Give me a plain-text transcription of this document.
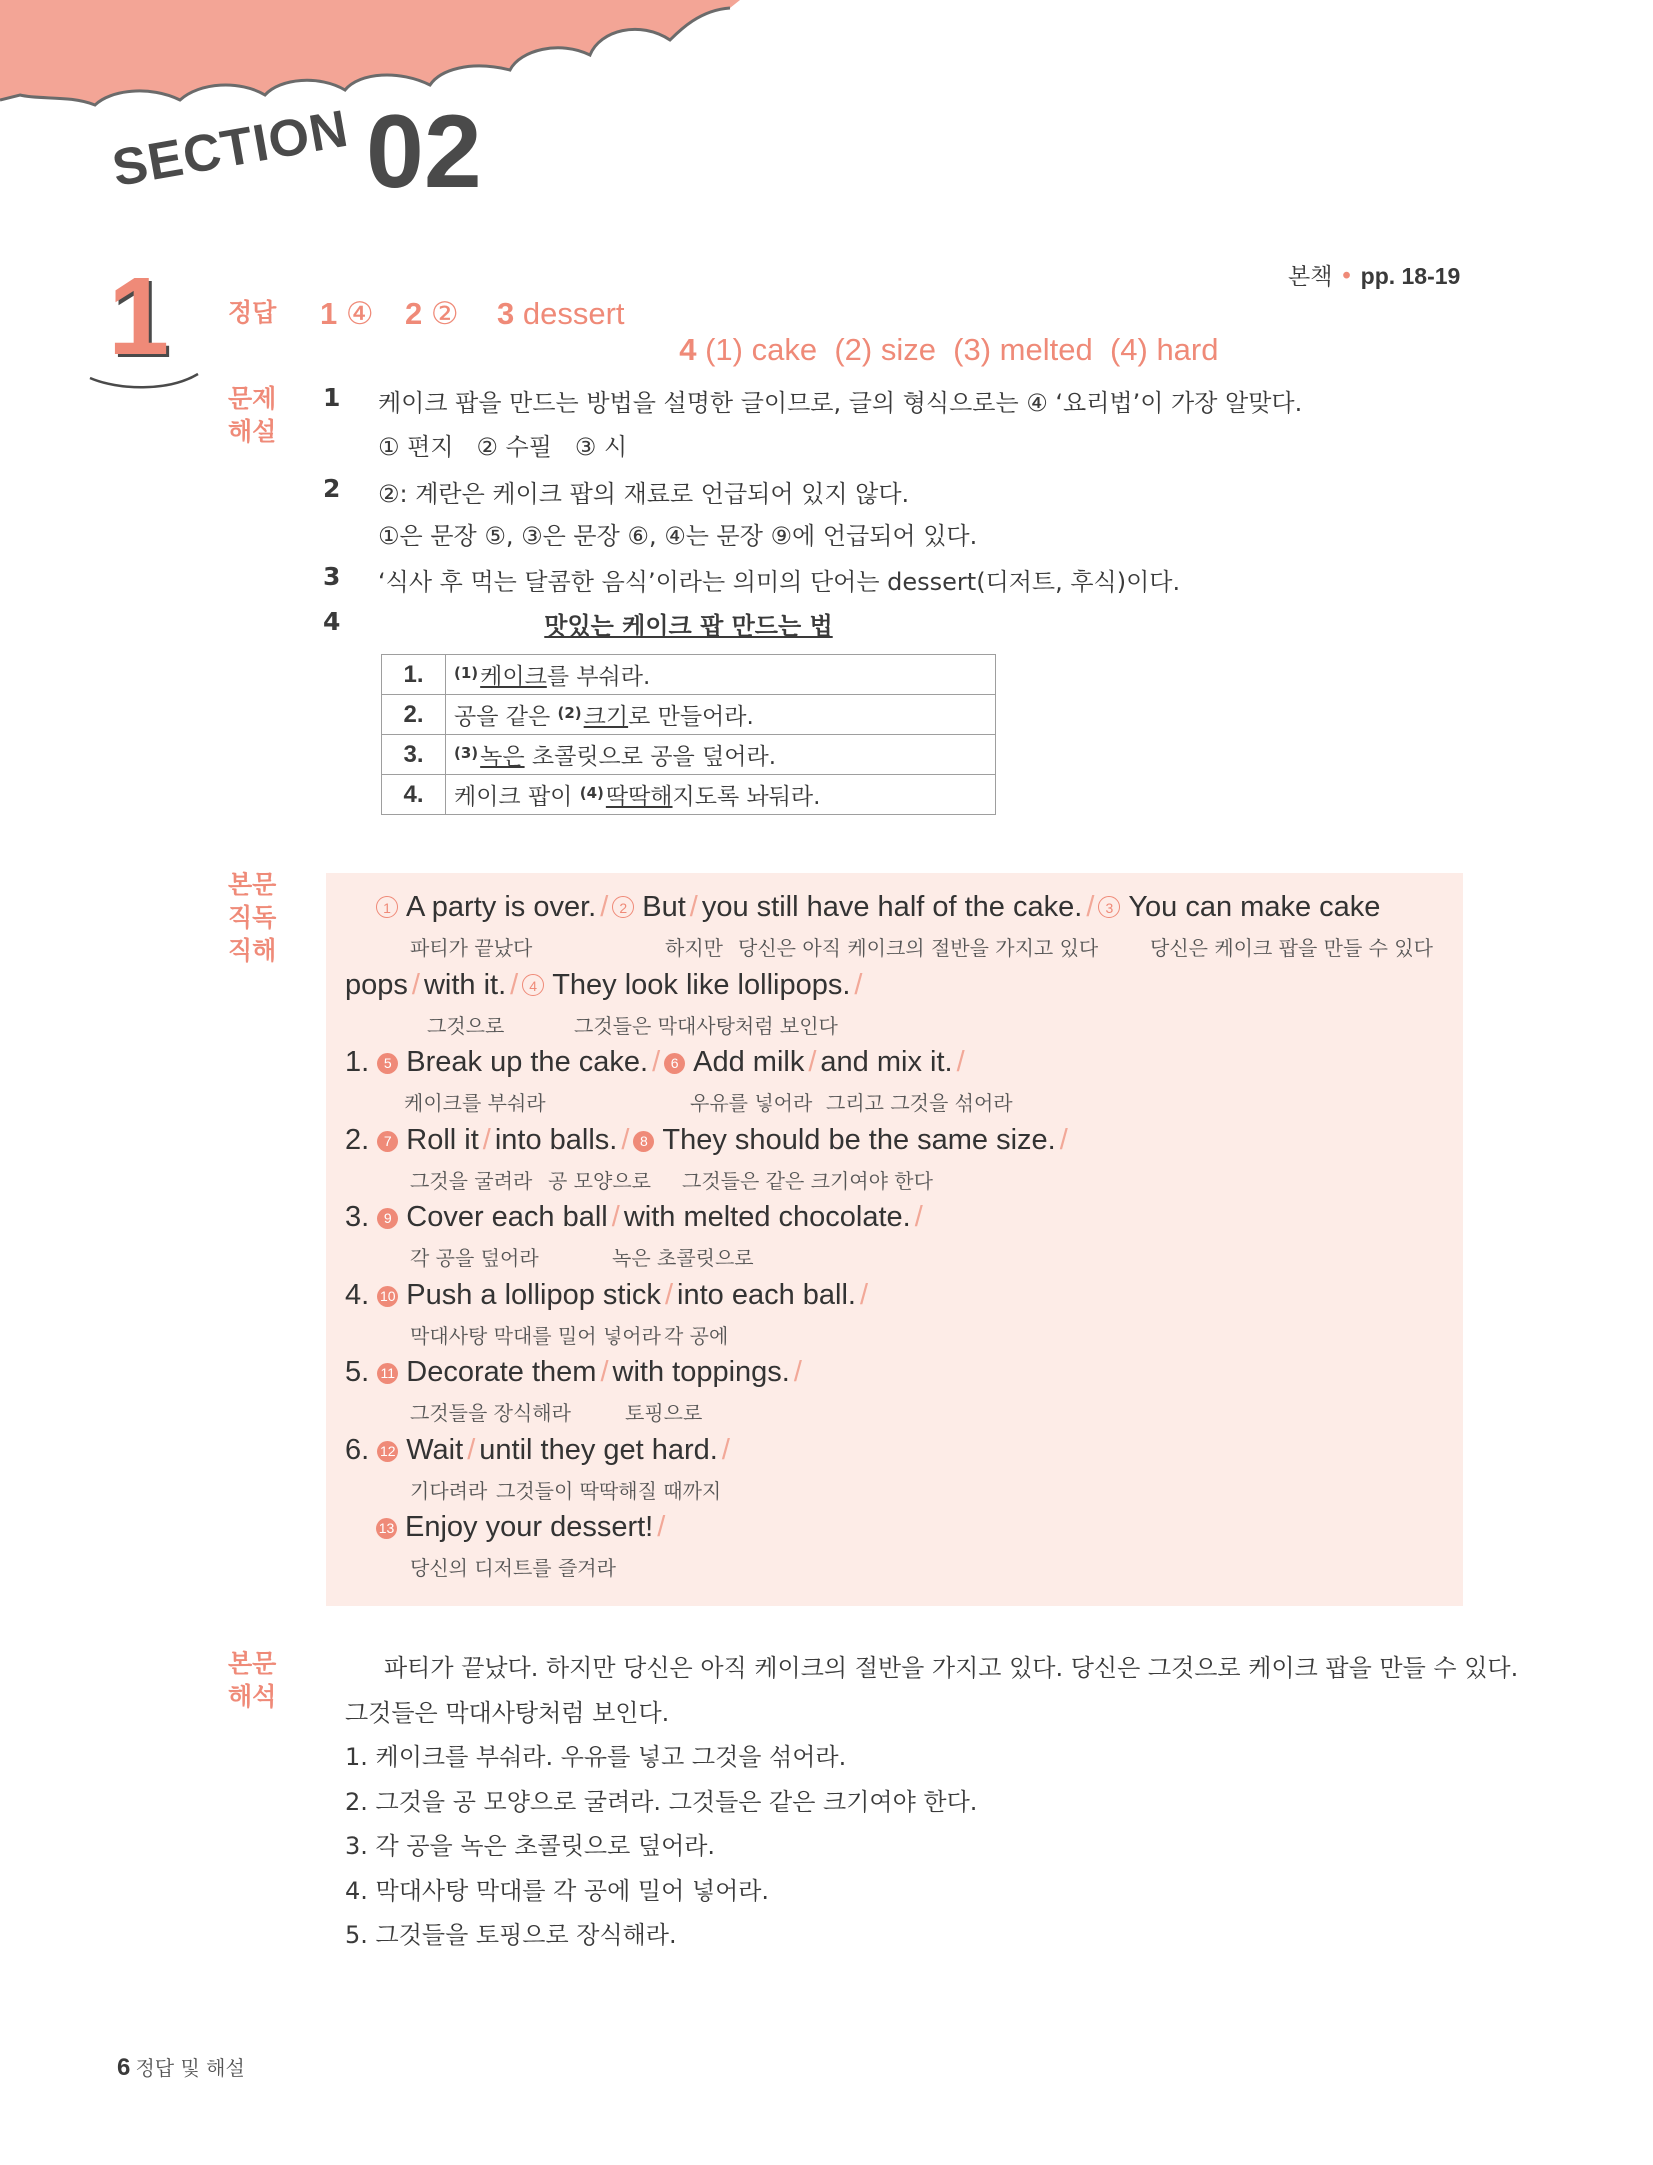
SECTION 02
본책 • pp. 18-19
1 정답 1 ④ 2 ② 3 dessert

4 (1) cake  (2) size  (3) melted  (4) hard

문제
해설
1 케이크 팝을 만드는 방법을 설명한 글이므로, 글의 형식으로는 ④ ‘요리법’이 가장 알맞다.
① 편지   ② 수필   ③ 시
2 ②: 계란은 케이크 팝의 재료로 언급되어 있지 않다.
①은 문장 ⑤, ③은 문장 ⑥, ④는 문장 ⑨에 언급되어 있다.
3 ‘식사 후 먹는 달콤한 음식’이라는 의미의 단어는 dessert(디저트, 후식)이다.
4	맛있는 케이크 팝 만드는 법
1.	$^{(1)}$케이크를 부숴라.
2.	공을 같은 $^{(2)}$크기로 만들어라.
3.	$^{(3)}$녹은 초콜릿으로 공을 덮어라.
4.	케이크 팝이 $^{(4)}$딱딱해지도록 놔둬라.
본문
직독
직해
1 A party is over. / 2 But / you still have half of the cake. / 3 You can make cake
파티가 끝났다	하지만 당신은 아직 케이크의 절반을 가지고 있다	당신은 케이크 팝을 만들 수 있다
pops / with it. / 4 They look like lollipops. /
그것으로	그것들은 막대사탕처럼 보인다
1. 5 Break up the cake. / 6 Add milk / and mix it. /
케이크를 부숴라	우유를 넣어라 그리고 그것을 섞어라
2. 7 Roll it / into balls. / 8 They should be the same size. /
그것을 굴려라 공 모양으로 그것들은 같은 크기여야 한다
3. 9 Cover each ball / with melted chocolate. /
각 공을 덮어라	녹은 초콜릿으로
4. 10 Push a lollipop stick / into each ball. /
막대사탕 막대를 밀어 넣어라 각 공에
5. 11 Decorate them / with toppings. /
그것들을 장식해라	토핑으로
6. 12 Wait / until they get hard. /
기다려라 그것들이 딱딱해질 때까지
13 Enjoy your dessert! /
당신의 디저트를 즐겨라
본문
해석
파티가 끝났다. 하지만 당신은 아직 케이크의 절반을 가지고 있다. 당신은 그것으로 케이크 팝을 만들 수 있다.
그것들은 막대사탕처럼 보인다.
1. 케이크를 부숴라. 우유를 넣고 그것을 섞어라.
2. 그것을 공 모양으로 굴려라. 그것들은 같은 크기여야 한다.
3. 각 공을 녹은 초콜릿으로 덮어라.
4. 막대사탕 막대를 각 공에 밀어 넣어라.
5. 그것들을 토핑으로 장식해라.
6 정답 및 해설
